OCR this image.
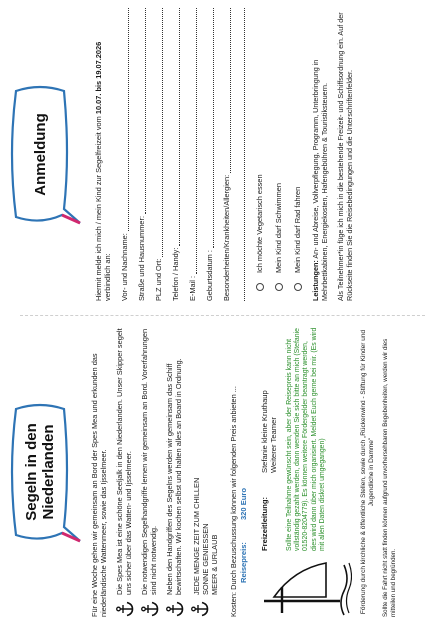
Segeln in den Niederlanden	Für eine Woche gehen wir gemeinsam an Bord der Spes Mea und erkunden das niederländische Wattenmeer, sowie das Ijsselmeer. Die Spes Mea ist eine schöne Seeljalk in den Niederlanden. Unser Skipper segelt uns sicher über das Watten- und Ijsselmeer. Die notwendigen Segelhandgriffe lernen wir gemeinsam an Bord. Vorerfahrungen sind nicht notwendig. Neben den Handgriffen des Segelns werden wir gemeinsam das Schiff bewirtschaften. Wir kochen selbst und halten alles an Board in Ordnung. JEDE MENGE ZEIT ZUM CHILLEN SONNE GENIESSEN MEER & URLAUB Kosten: Durch Bezuschussung können wir folgenden Preis anbieten ... Reisepreis:320 Euro Freizeitleitung:
Stefanie kleine Kruthaup Weiterer Teamer Sollte eine Teilnahme gewünscht sein, aber der Reisepreis kann nicht vollständig gezahlt werden, dann wenden Sie sich bitte an mich (Stefanie 01520-8204779). Es können weitere Fördergelder beantragt werden, dies wird dann über mich organisiert. Meldet Euch gerne bei mir. (Es wird mit allen Daten diskret umgegangen)	Förderung durch kirchliche & öffentliche Stellen, sowie durch „Rückenwind - Stiftung für Kinder und Jugendliche in Damme" Sollte die Fahrt nicht statt finden können aufgrund unvorhersehbaren Begebenheiten, werden wir dies mitteilen und begründen.

Anmeldung	Hiermit melde ich mich / mein Kind zur Segelfreizeit vom 10.07. bis 19.07.2026 verbindlich an: Vor- und Nachname: Straße und Hausnummer: PLZ und Ort: Telefon / Handy: E-Mail : Geburtsdatum : Besonderheiten/Krankheiten/Allergien:	Ich möchte Vegetarisch essen Mein Kind darf Schwimmen Mein Kind darf Rad fahren

Leistungen: An- und Abreise, Vollverpflegung, Programm, Unterbringung in Mehrbettkabinen, Energiekosten, Hafengebühren & Touristiksteuern. Als Teilnehmer*in füge ich mich in die bestehende Freizeit- und Schiffsordnung ein. Auf der Rückseite finden Sie die Reisebedingungen und die Unterschriftenfelder.
